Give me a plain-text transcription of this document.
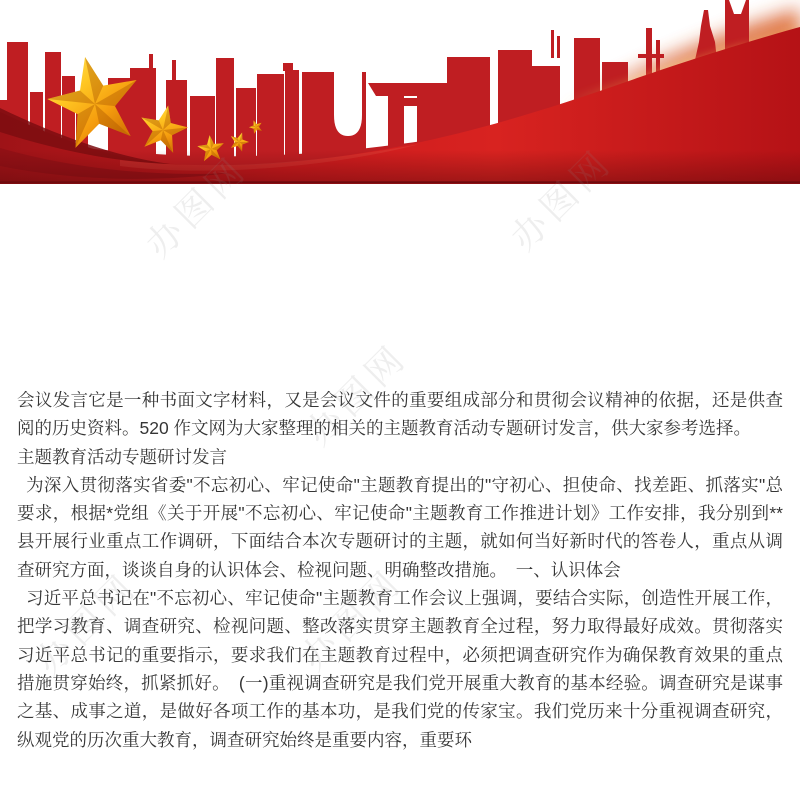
办图网	办图网
办图网
办图网	办图网

会议发言它是一种书面文字材料，又是会议文件的重要组成部分和贯彻会议精神的依据，还是供查阅的历史资料。520 作文网为大家整理的相关的主题教育活动专题研讨发言，供大家参考选择。

主题教育活动专题研讨发言

 为深入贯彻落实省委"不忘初心、牢记使命"主题教育提出的"守初心、担使命、找差距、抓落实"总要求，根据*党组《关于开展"不忘初心、牢记使命"主题教育工作推进计划》工作安排，我分别到**县开展行业重点工作调研，下面结合本次专题研讨的主题，就如何当好新时代的答卷人，重点从调查研究方面，谈谈自身的认识体会、检视问题、明确整改措施。　一、认识体会

 习近平总书记在"不忘初心、牢记使命"主题教育工作会议上强调，要结合实际，创造性开展工作，把学习教育、调查研究、检视问题、整改落实贯穿主题教育全过程，努力取得最好成效。贯彻落实习近平总书记的重要指示，要求我们在主题教育过程中，必须把调查研究作为确保教育效果的重点措施贯穿始终，抓紧抓好。　(一)重视调查研究是我们党开展重大教育的基本经验。调查研究是谋事之基、成事之道，是做好各项工作的基本功，是我们党的传家宝。我们党历来十分重视调查研究，纵观党的历次重大教育，调查研究始终是重要内容，重要环
